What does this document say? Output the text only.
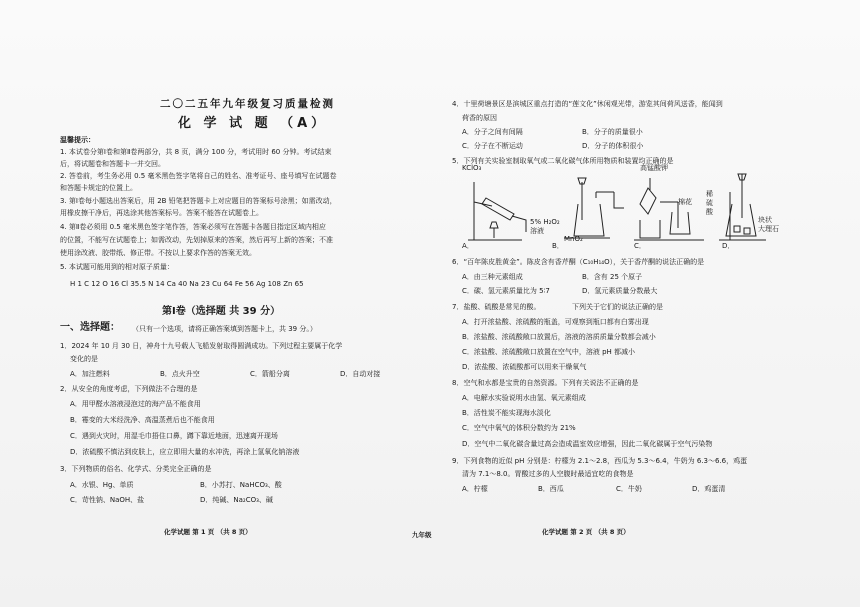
二〇二五年九年级复习质量检测
化 学 试 题 （A）
温馨提示：
1. 本试卷分第Ⅰ卷和第Ⅱ卷两部分，共 8 页，满分 100 分，考试用时 60 分钟。考试结束
后，将试题卷和答题卡一并交回。
2. 答卷前，考生务必用 0.5 毫米黑色签字笔将自己的姓名、准考证号、座号填写在试题卷
和答题卡规定的位置上。
3. 第Ⅰ卷每小题选出答案后，用 2B 铅笔把答题卡上对应题目的答案标号涂黑；如需改动，
用橡皮擦干净后，再选涂其他答案标号。答案不能答在试题卷上。
4. 第Ⅱ卷必须用 0.5 毫米黑色签字笔作答，答案必须写在答题卡各题目指定区域内相应
的位置，不能写在试题卷上；如需改动，先划掉原来的答案，然后再写上新的答案；不准
使用涂改液、胶带纸、修正带。不按以上要求作答的答案无效。
5. 本试题可能用到的相对原子质量：
H 1 C 12 O 16 Cl 35.5 N 14 Ca 40 Na 23 Cu 64 Fe 56 Ag 108 Zn 65
第Ⅰ卷（选择题 共 39 分）
一、选择题： （只有一个选项，请将正确答案填到答题卡上，共 39 分。）
1．2024 年 10 月 30 日，神舟十九号载人飞船发射取得圆满成功。下列过程主要属于化学
变化的是
A．加注燃料	B．点火升空	C．箭船分离	D．自动对接
2．从安全的角度考虑，下列做法不合理的是
A．用甲醛水溶液浸泡过的海产品不能食用
B．霉变的大米经洗净、高温蒸煮后也不能食用
C．遇到火灾时，用湿毛巾捂住口鼻，蹲下靠近地面，迅速离开现场
D．浓硫酸不慎沾到皮肤上，应立即用大量的水冲洗，再涂上氢氧化钠溶液
3．下列物质的俗名、化学式、分类完全正确的是
A．水银、Hg、单质	B．小苏打、NaHCO₃、酸
C．苛性钠、NaOH、盐	D．纯碱、Na₂CO₃、碱
化学试题 第 1 页 （共 8 页）	九年级
4．十里荷塘景区是滨城区重点打造的“莲文化”休闲观光带，游览其间荷风送香，能闻到
荷香的原因
A．分子之间有间隔	B．分子的质量很小
C．分子在不断运动	D．分子的体积很小
5．下列有关实验室制取氧气或二氧化碳气体所用物质和装置均正确的是
KClO₃	高锰酸钾
5% H₂O₂
溶液
MnO₂
棉花
稀
硫
酸
块状
大理石
A．	B．	C．	D．
6．“百年陈皮胜黄金”。陈皮含有香芹酮（C₁₀H₁₄O），关于香芹酮的说法正确的是
A．由三种元素组成	B．含有 25 个原子
C．碳、氢元素质量比为 5∶7	D．氢元素质量分数最大
7．盐酸、硫酸是常见的酸。	下列关于它们的说法正确的是
A．打开浓盐酸、浓硫酸的瓶盖，可观察到瓶口都有白雾出现
B．浓盐酸、浓硫酸敞口放置后，溶液的溶质质量分数都会减小
C．浓盐酸、浓硫酸敞口放置在空气中，溶液 pH 都减小
D．浓盐酸、浓硫酸都可以用来干燥氧气
8．空气和水都是宝贵的自然资源。下列有关说法不正确的是
A．电解水实验说明水由氢、氧元素组成
B．活性炭不能实现海水淡化
C．空气中氧气的体积分数约为 21%
D．空气中二氧化碳含量过高会造成温室效应增强，因此二氧化碳属于空气污染物
9．下列食物的近似 pH 分别是：柠檬为 2.1～2.8，西瓜为 5.3～6.4，牛奶为 6.3～6.6，鸡蛋
清为 7.1～8.0。胃酸过多的人空腹时最适宜吃的食物是
A．柠檬	B．西瓜	C．牛奶	D．鸡蛋清
化学试题 第 2 页 （共 8 页）
